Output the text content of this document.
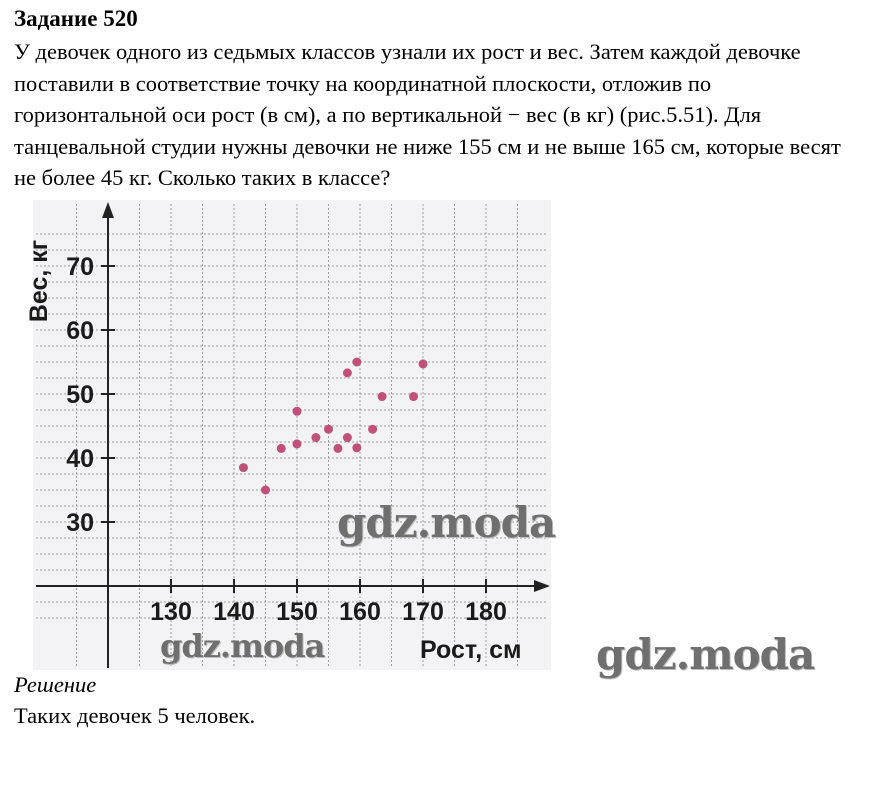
Задание 520

У девочек одного из седьмых классов узнали их рост и вес. Затем каждой девочке поставили в соответствие точку на координатной плоскости, отложив по горизонтальной оси рост (в см), а по вертикальной − вес (в кг) (рис.5.51). Для танцевальной студии нужны девочки не ниже 155 см и не выше 165 см, которые весят не более 45 кг. Сколько таких в классе?

30
40
50
60
70
130 140 150 160 170 180
Вес, кг
Рост, см
gdz.moda
gdz.moda	gdz.moda
Решение
Таких девочек 5 человек.
